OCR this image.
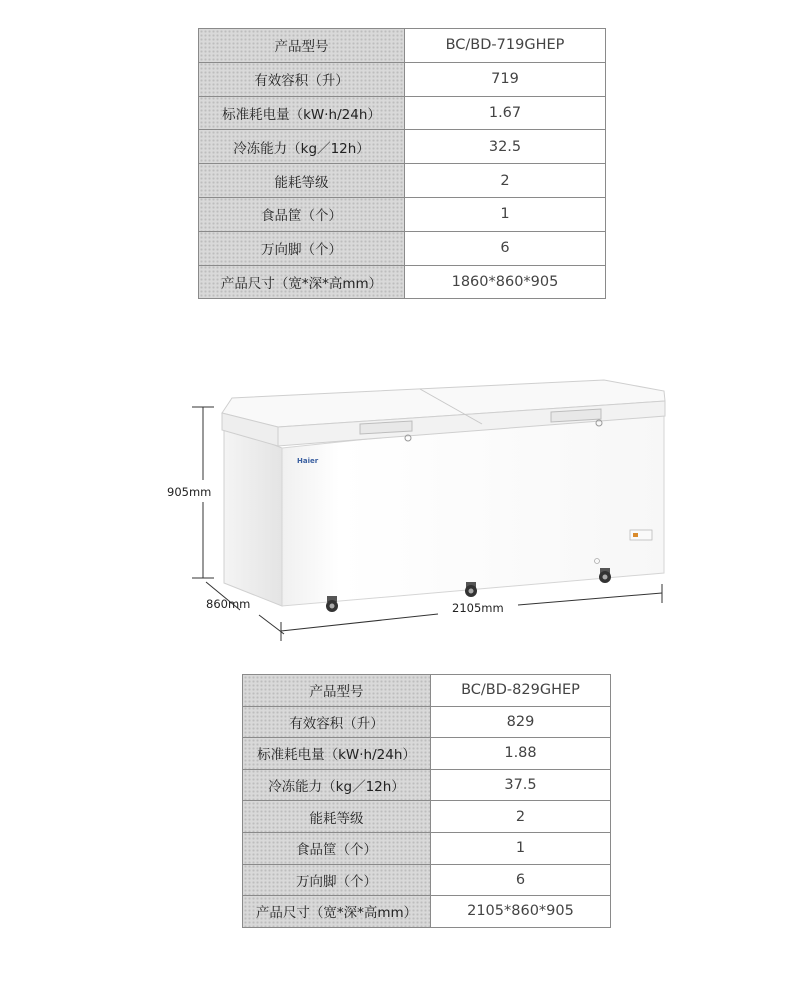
产品型号	BC/BD-719GHEP
有效容积（升）	719
标准耗电量（kW·h/24h）	1.67
冷冻能力（kg／12h）	32.5
能耗等级	2
食品筐（个）	1
万向脚（个）	6
产品尺寸（宽*深*高mm）	1860*860*905
Haier
905mm
860mm	2105mm
产品型号	BC/BD-829GHEP
有效容积（升）	829
标准耗电量（kW·h/24h）	1.88
冷冻能力（kg／12h）	37.5
能耗等级	2
食品筐（个）	1
万向脚（个）	6
产品尺寸（宽*深*高mm）	2105*860*905
